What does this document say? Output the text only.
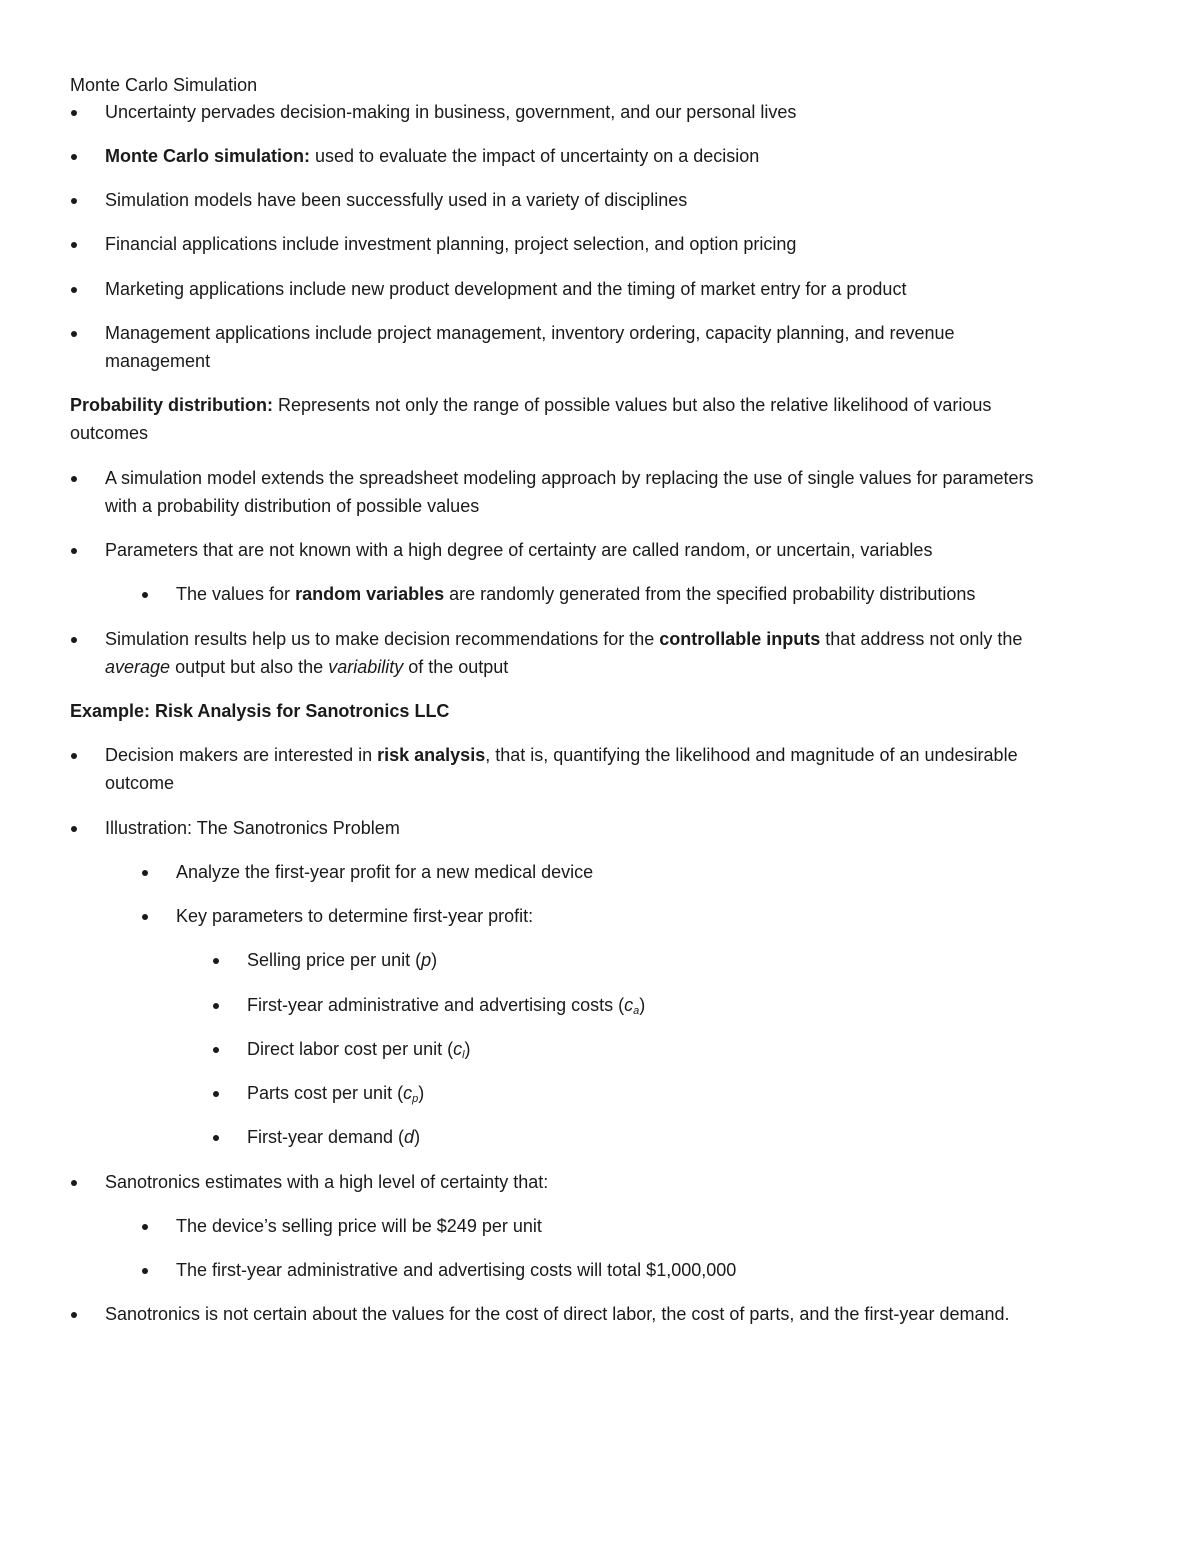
Monte Carlo Simulation
Uncertainty pervades decision-making in business, government, and our personal lives
Monte Carlo simulation: used to evaluate the impact of uncertainty on a decision
Simulation models have been successfully used in a variety of disciplines
Financial applications include investment planning, project selection, and option pricing
Marketing applications include new product development and the timing of market entry for a product
Management applications include project management, inventory ordering, capacity planning, and revenue
management
Probability distribution: Represents not only the range of possible values but also the relative likelihood of various
outcomes
A simulation model extends the spreadsheet modeling approach by replacing the use of single values for parameters
with a probability distribution of possible values
Parameters that are not known with a high degree of certainty are called random, or uncertain, variables
The values for random variables are randomly generated from the specified probability distributions
Simulation results help us to make decision recommendations for the controllable inputs that address not only the
average output but also the variability of the output
Example: Risk Analysis for Sanotronics LLC
Decision makers are interested in risk analysis, that is, quantifying the likelihood and magnitude of an undesirable
outcome
Illustration: The Sanotronics Problem
Analyze the first-year profit for a new medical device
Key parameters to determine first-year profit:
Selling price per unit (p)
First-year administrative and advertising costs $(c_a)$
Direct labor cost per unit $(c_l)$
Parts cost per unit $(c_p)$
First-year demand (d)
Sanotronics estimates with a high level of certainty that:
The device’s selling price will be $249 per unit
The first-year administrative and advertising costs will total $1,000,000
Sanotronics is not certain about the values for the cost of direct labor, the cost of parts, and the first-year demand.
